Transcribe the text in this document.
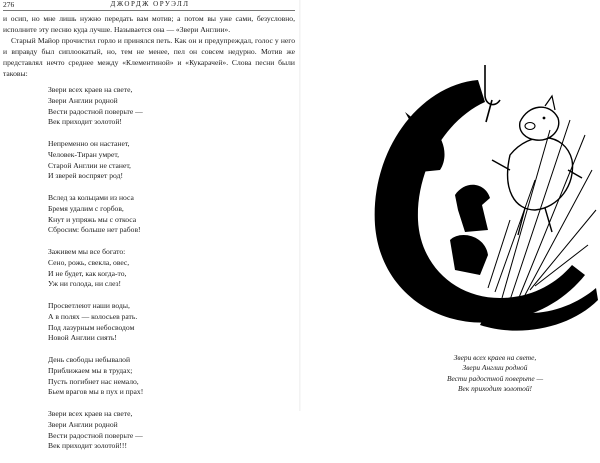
276	ДЖОРДЖ ОРУЭЛЛ

и осип, но мне лишь нужно передать вам мотив; а потом вы уже сами, безусловно, исполните эту песню куда лучше. Называется она — «Звери Англии».

Старый Майор прочистил горло и принялся петь. Как он и предупреждал, голос у него и вправду был сиплоокатый, но, тем не менее, пел он совсем недурно. Мотив же представлял нечто среднее между «Клементиной» и «Кукарачей». Слова песни были таковы:

Звери всех краев на свете,
Звери Англии родной
Вести радостной поверьте —
Век приходит золотой!
Непременно он настанет,
Человек-Тиран умрет,
Старой Англии не станет,
И зверей воспряет род!
Вслед за кольцами из носа
Бремя удалим с горбов,
Кнут и упряжь мы с откоса
Сбросим: больше нет рабов!
Заживем мы все богато:
Сено, рожь, свекла, овес,
И не будет, как когда-то,
Уж ни голода, ни слез!
Просветлеют наши воды,
А в полях — колосьев рать.
Под лазурным небосводом
Новой Англии сиять!
День свободы небывалой
Приближаем мы в трудах;
Пусть погибнет нас немало,
Бьем врагов мы в пух и прах!
Звери всех краев на свете,
Звери Англии родной
Вести радостной поверьте —
Век приходит золотой!!!
Звери всех краев на свете,
Звери Англии родной
Вести радостной поверьте —
Век приходит золотой!
